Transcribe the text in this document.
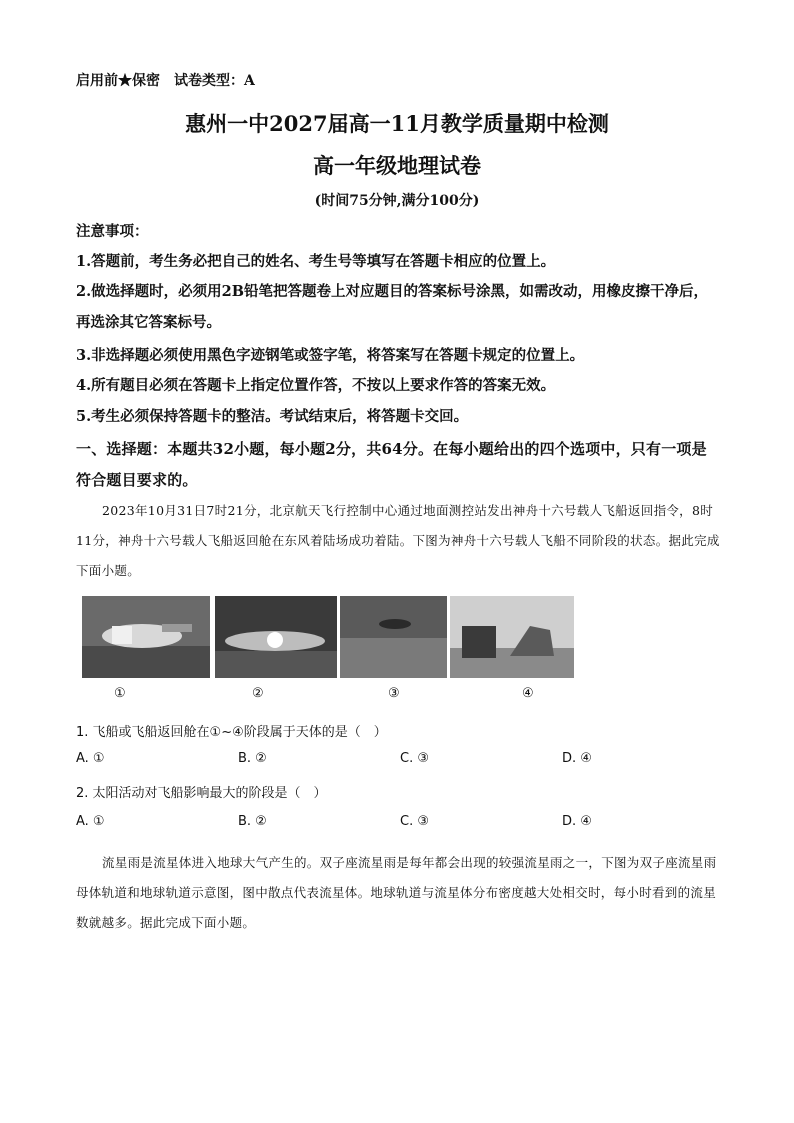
启用前★保密　试卷类型：A
惠州一中2027届高一11月教学质量期中检测
高一年级地理试卷
(时间75分钟,满分100分)
注意事项：
1.答题前，考生务必把自己的姓名、考生号等填写在答题卡相应的位置上。
2.做选择题时，必须用2B铅笔把答题卷上对应题目的答案标号涂黑，如需改动，用橡皮擦干净后，再选涂其它答案标号。
3.非选择题必须使用黑色字迹钢笔或签字笔，将答案写在答题卡规定的位置上。
4.所有题目必须在答题卡上指定位置作答，不按以上要求作答的答案无效。
5.考生必须保持答题卡的整洁。考试结束后，将答题卡交回。
一、选择题：本题共32小题，每小题2分，共64分。在每小题给出的四个选项中，只有一项是符合题目要求的。
2023年10月31日7时21分，北京航天飞行控制中心通过地面测控站发出神舟十六号载人飞船返回指令，8时11分，神舟十六号载人飞船返回舱在东风着陆场成功着陆。下图为神舟十六号载人飞船不同阶段的状态。据此完成下面小题。
①	②	③	④
1. 飞船或飞船返回舱在①~④阶段属于天体的是（　）
A. ①	B. ②	C. ③	D. ④
2. 太阳活动对飞船影响最大的阶段是（　）
A. ①	B. ②	C. ③	D. ④
流星雨是流星体进入地球大气产生的。双子座流星雨是每年都会出现的较强流星雨之一，下图为双子座流星雨母体轨道和地球轨道示意图，图中散点代表流星体。地球轨道与流星体分布密度越大处相交时，每小时看到的流星数就越多。据此完成下面小题。
